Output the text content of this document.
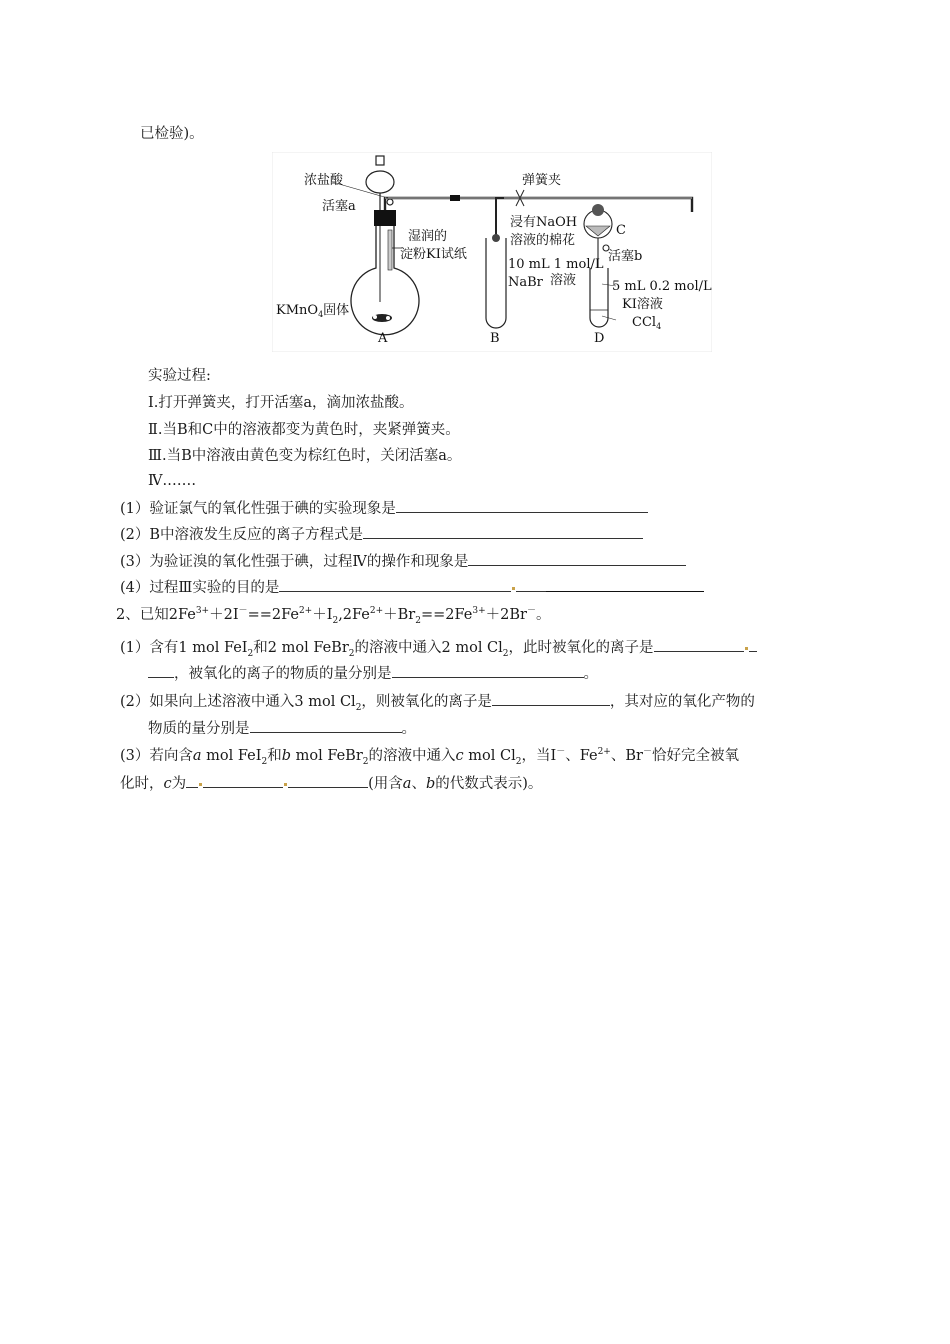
已检验)。
浓盐酸
活塞a
弹簧夹
湿润的
淀粉KI试纸
浸有NaOH
溶液的棉花
C
活塞b
10 mL 1 mol/L
NaBr 溶液	5 mL 0.2 mol/L
KI溶液
CCl$_4$
KMnO$_4$固体
A	B	D
实验过程:
Ⅰ.打开弹簧夹，打开活塞a，滴加浓盐酸。
Ⅱ.当B和C中的溶液都变为黄色时，夹紧弹簧夹。
Ⅲ.当B中溶液由黄色变为棕红色时，关闭活塞a。
Ⅳ.……
(1）验证氯气的氧化性强于碘的实验现象是
(2）B中溶液发生反应的离子方程式是
(3）为验证溴的氧化性强于碘，过程Ⅳ的操作和现象是
(4）过程Ⅲ实验的目的是
2、已知$2Fe^{3+}+2I^-==2Fe^{2+}+I_2,2Fe^{2+}+Br_2==2Fe^{3+}+2Br^-$。
(1）含有1 mol FeI$_2$和2 mol FeBr$_2$的溶液中通入2 mol $Cl_2$，此时被氧化的离子是
，被氧化的离子的物质的量分别是	。
(2）如果向上述溶液中通入3 mol $Cl_2$，则被氧化的离子是	，其对应的氧化产物的
物质的量分别是	。
(3）若向含a mol FeI$_2$和b mol FeBr$_2$的溶液中通入c mol $Cl_2$，当I－、$Fe^{2+}$、Br－恰好完全被氧
化时，c为	(用含a、b的代数式表示)。
